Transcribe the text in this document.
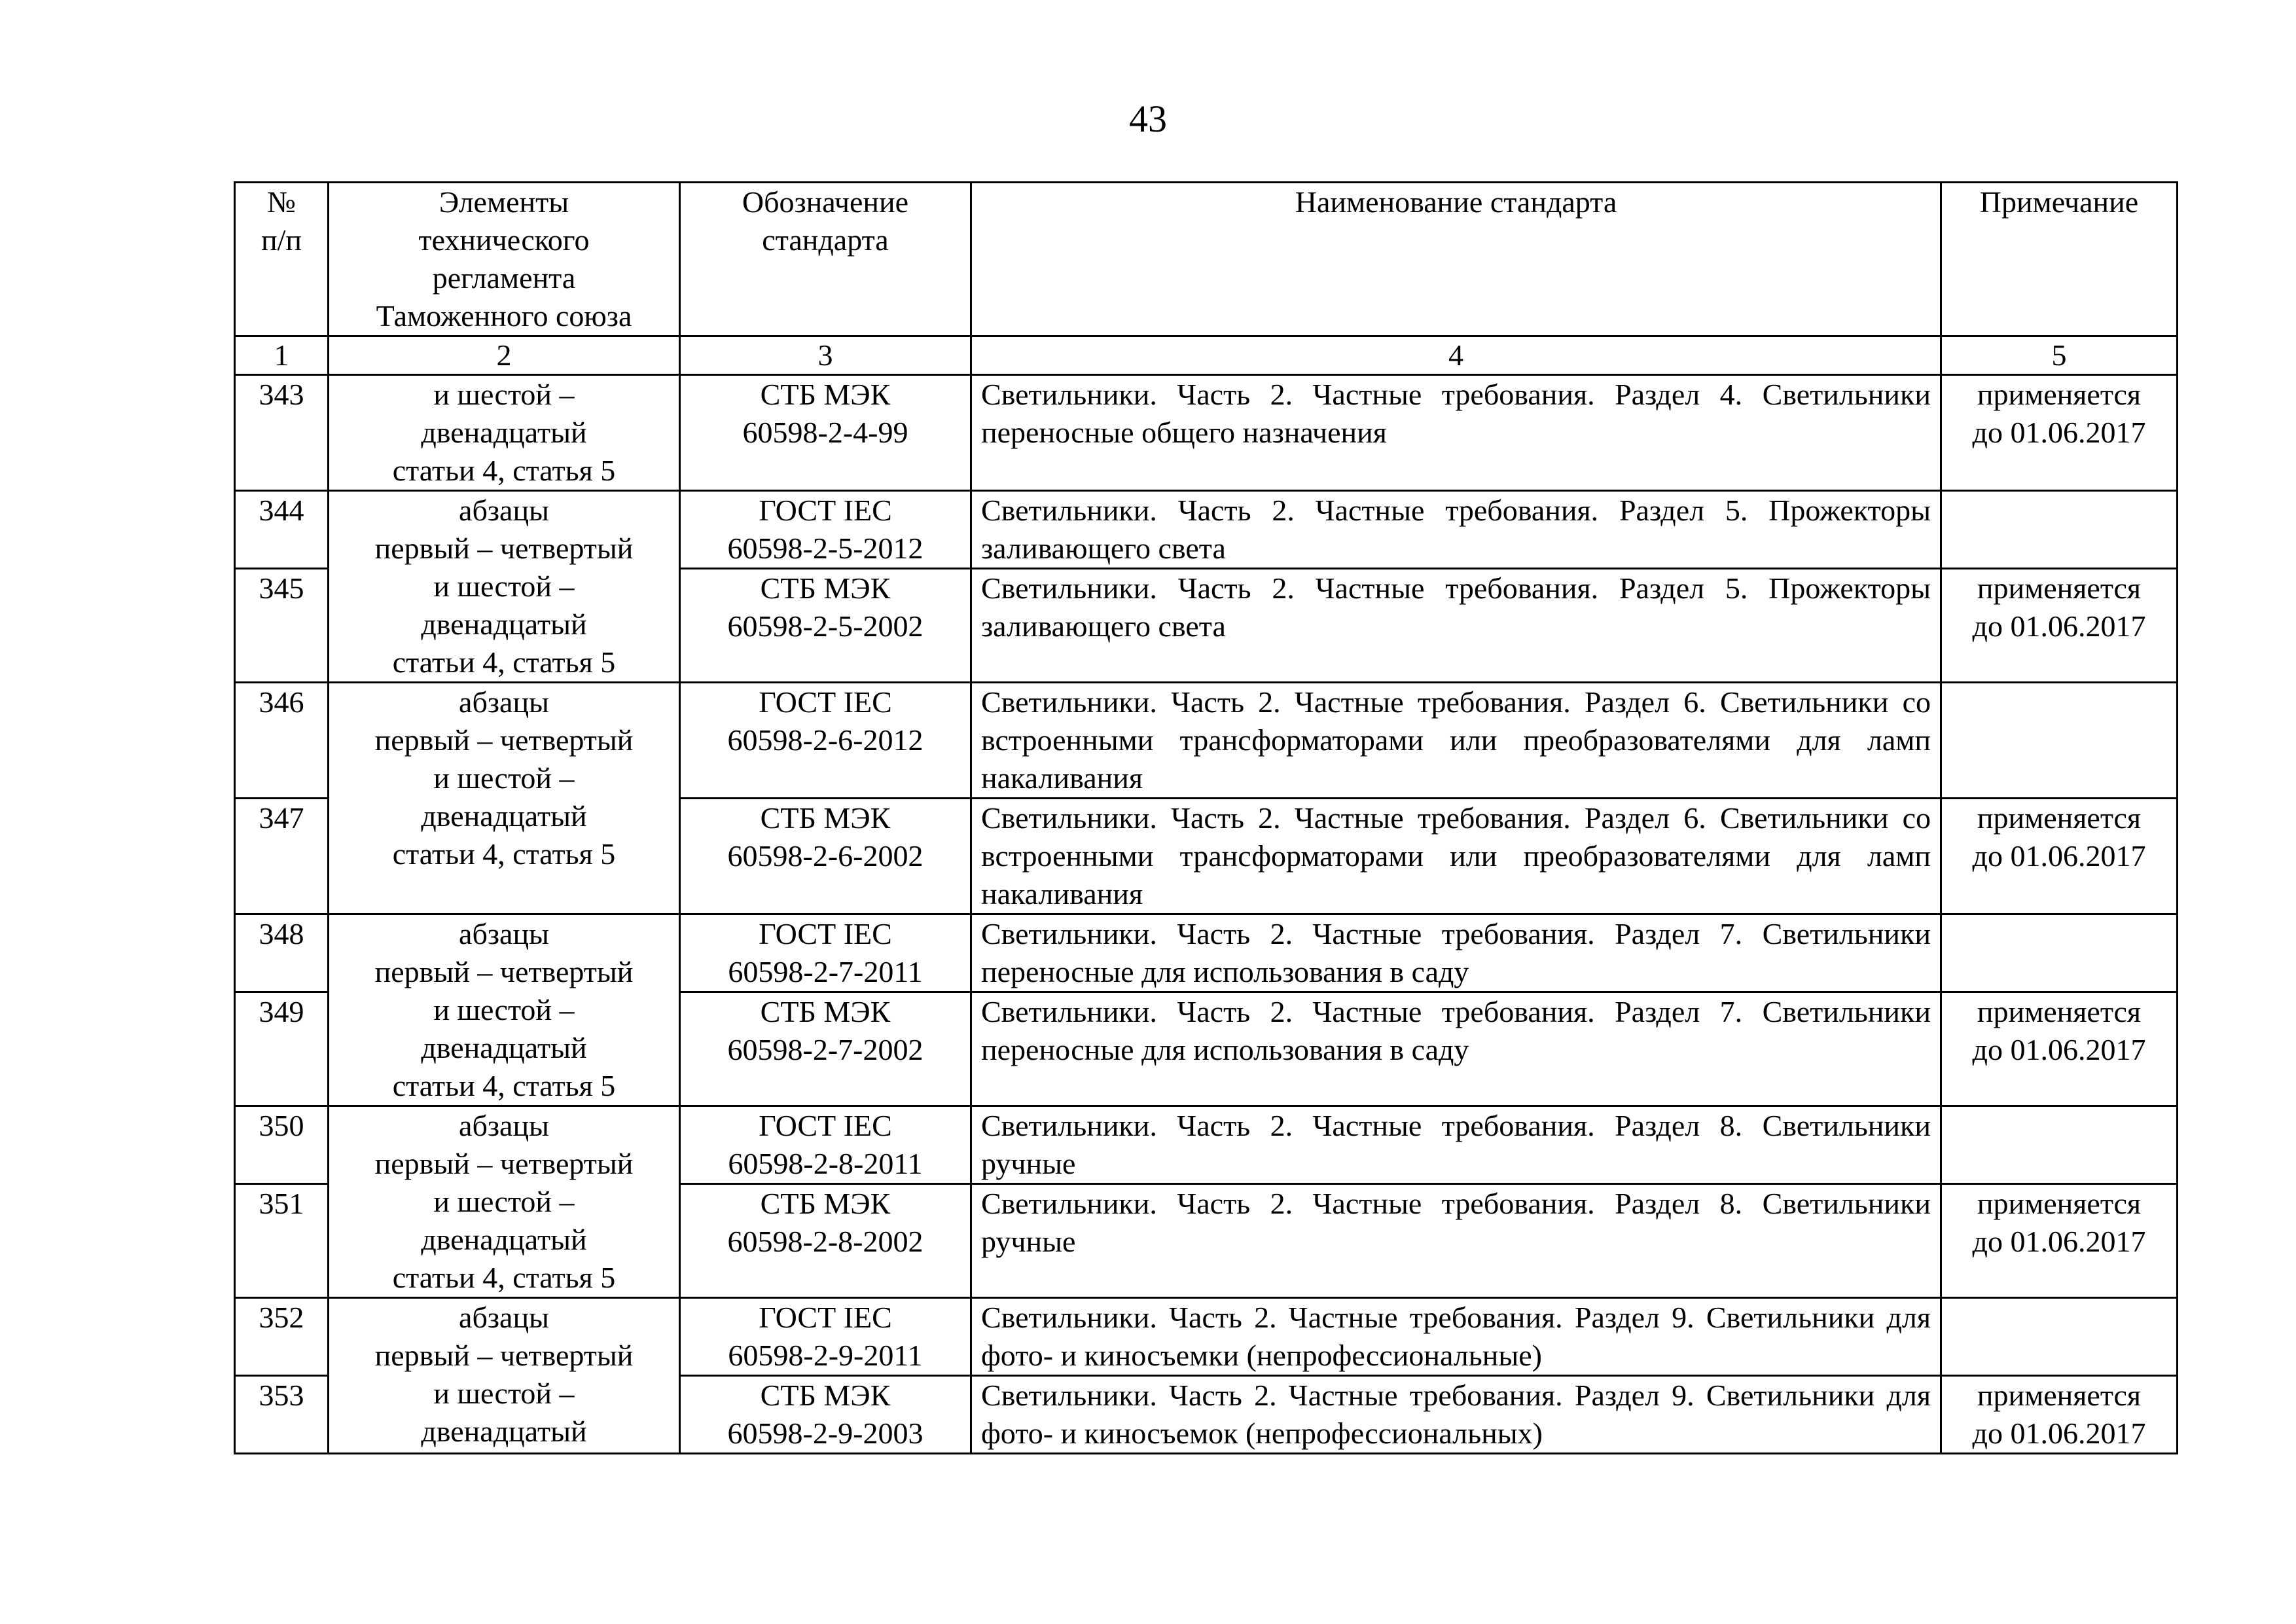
43
№
п/п	Элементы
технического
регламента
Таможенного союза	Обозначение
стандарта	Наименование стандарта	Примечание
1	2	3	4	5
343	и шестой –
двенадцатый
статьи 4, статья 5	СТБ МЭК
60598-2-4-99	Светильники. Часть 2. Частные требования. Раздел 4. Светильники переносные общего назначения	применяется
до 01.06.2017
344	абзацы
первый – четвертый
и шестой –
двенадцатый
статьи 4, статья 5	ГОСТ IEC
60598-2-5-2012	Светильники. Часть 2. Частные требования. Раздел 5. Прожекторы заливающего света	
345		СТБ МЭК
60598-2-5-2002	Светильники. Часть 2. Частные требования. Раздел 5. Прожекторы заливающего света	применяется
до 01.06.2017
346	абзацы
первый – четвертый
и шестой –
двенадцатый
статьи 4, статья 5	ГОСТ IEC
60598-2-6-2012	Светильники. Часть 2. Частные требования. Раздел 6. Светильники со встроенными трансформаторами или преобразователями для ламп накаливания	
347		СТБ МЭК
60598-2-6-2002	Светильники. Часть 2. Частные требования. Раздел 6. Светильники со встроенными трансформаторами или преобразователями для ламп накаливания	применяется
до 01.06.2017
348	абзацы
первый – четвертый
и шестой –
двенадцатый
статьи 4, статья 5	ГОСТ IEC
60598-2-7-2011	Светильники. Часть 2. Частные требования. Раздел 7. Светильники переносные для использования в саду	
349		СТБ МЭК
60598-2-7-2002	Светильники. Часть 2. Частные требования. Раздел 7. Светильники переносные для использования в саду	применяется
до 01.06.2017
350	абзацы
первый – четвертый
и шестой –
двенадцатый
статьи 4, статья 5	ГОСТ IEC
60598-2-8-2011	Светильники. Часть 2. Частные требования. Раздел 8. Светильники ручные	
351		СТБ МЭК
60598-2-8-2002	Светильники. Часть 2. Частные требования. Раздел 8. Светильники ручные	применяется
до 01.06.2017
352	абзацы
первый – четвертый
и шестой –
двенадцатый	ГОСТ IEC
60598-2-9-2011	Светильники. Часть 2. Частные требования. Раздел 9. Светильники для фото- и киносъемки (непрофессиональные)	
353		СТБ МЭК
60598-2-9-2003	Светильники. Часть 2. Частные требования. Раздел 9. Светильники для фото- и киносъемок (непрофессиональных)	применяется
до 01.06.2017
